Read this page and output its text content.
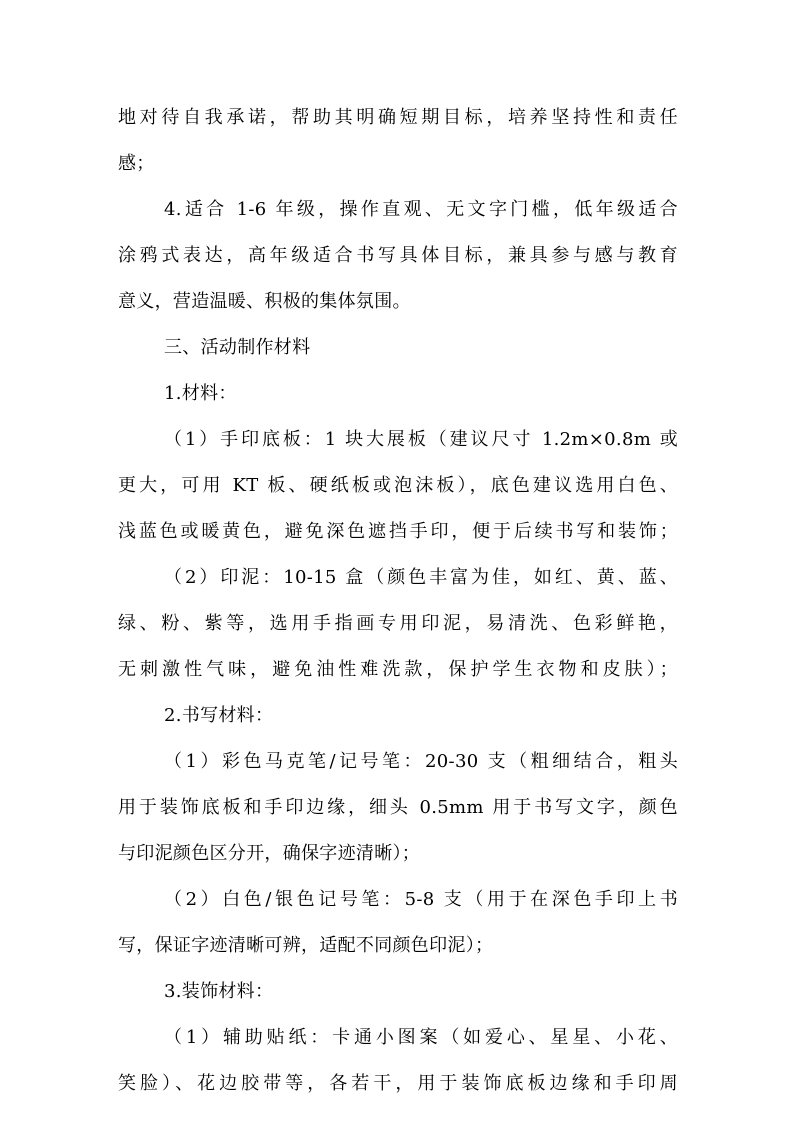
地对待自我承诺，帮助其明确短期目标，培养坚持性和责任
感；
4.适合 1-6 年级，操作直观、无文字门槛，低年级适合
涂鸦式表达，高年级适合书写具体目标，兼具参与感与教育
意义，营造温暖、积极的集体氛围。
三、活动制作材料
1.材料：
（1）手印底板：1 块大展板（建议尺寸 1.2m×0.8m 或
更大，可用 KT 板、硬纸板或泡沫板），底色建议选用白色、
浅蓝色或暖黄色，避免深色遮挡手印，便于后续书写和装饰；
（2）印泥：10-15 盒（颜色丰富为佳，如红、黄、蓝、
绿、粉、紫等，选用手指画专用印泥，易清洗、色彩鲜艳，
无刺激性气味，避免油性难洗款，保护学生衣物和皮肤）；
2.书写材料：
（1）彩色马克笔/记号笔：20-30 支（粗细结合，粗头
用于装饰底板和手印边缘，细头 0.5mm 用于书写文字，颜色
与印泥颜色区分开，确保字迹清晰）；
（2）白色/银色记号笔：5-8 支（用于在深色手印上书
写，保证字迹清晰可辨，适配不同颜色印泥）；
3.装饰材料：
（1）辅助贴纸：卡通小图案（如爱心、星星、小花、
笑脸）、花边胶带等，各若干，用于装饰底板边缘和手印周
